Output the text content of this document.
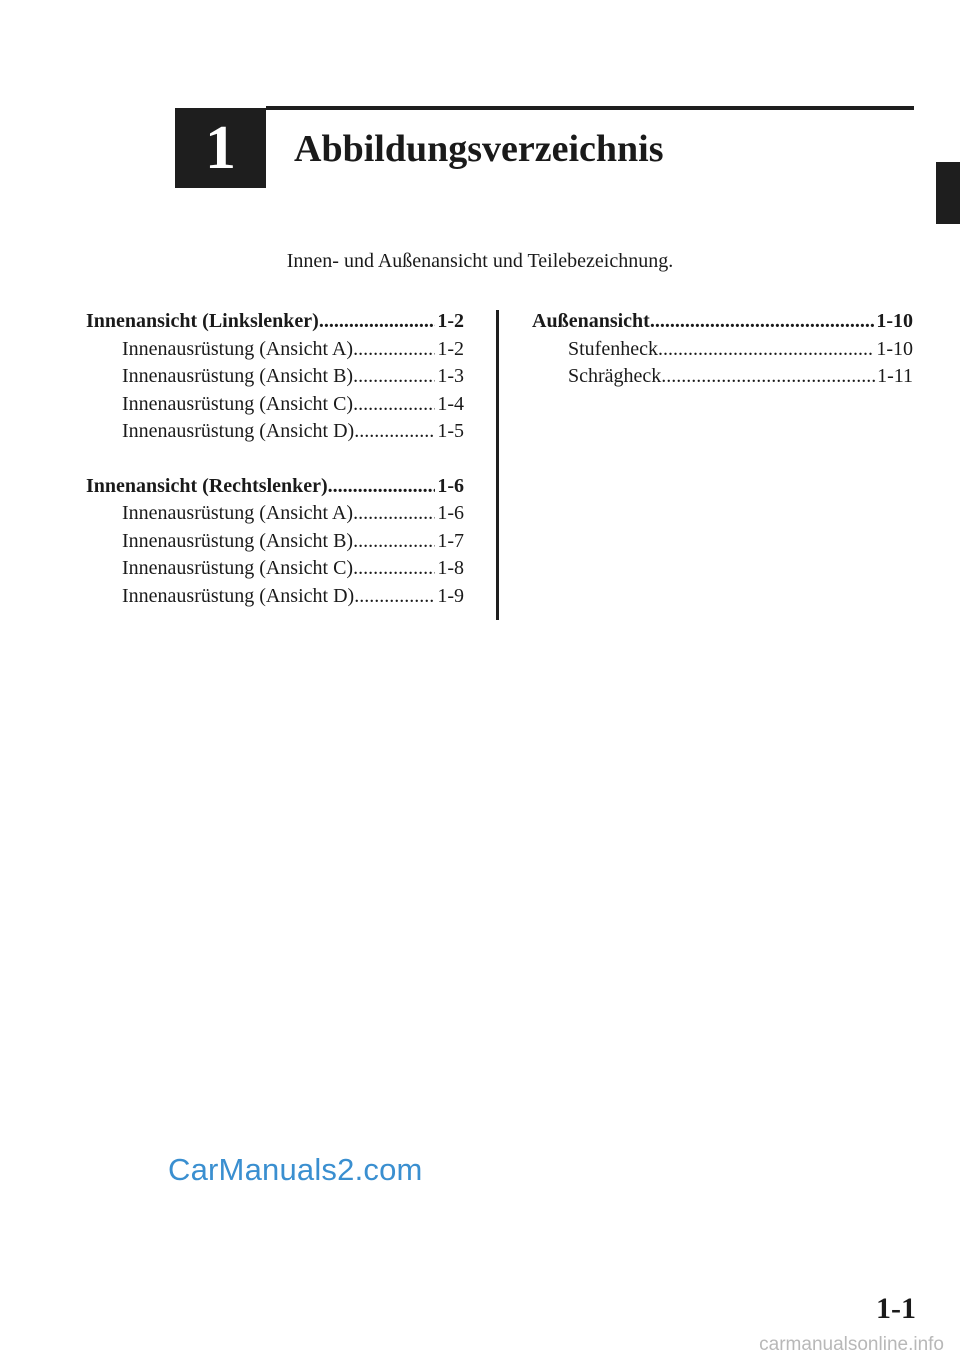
1 Abbildungsverzeichnis
Innen- und Außenansicht und Teilebezeichnung.
Innenansicht (Linkslenker) .....	1-2
Innenausrüstung (Ansicht A) .....	1-2
Innenausrüstung (Ansicht B) .....	1-3
Innenausrüstung (Ansicht C) .....	1-4
Innenausrüstung (Ansicht D) .....	1-5
Innenansicht (Rechtslenker) .....	1-6
Innenausrüstung (Ansicht A) .....	1-6
Innenausrüstung (Ansicht B) .....	1-7
Innenausrüstung (Ansicht C) .....	1-8
Innenausrüstung (Ansicht D) .....	1-9
Außenansicht .....	1-10
Stufenheck .....	1-10
Schrägheck .....	1-11
CarManuals2.com
1-1
carmanualsonline.info
